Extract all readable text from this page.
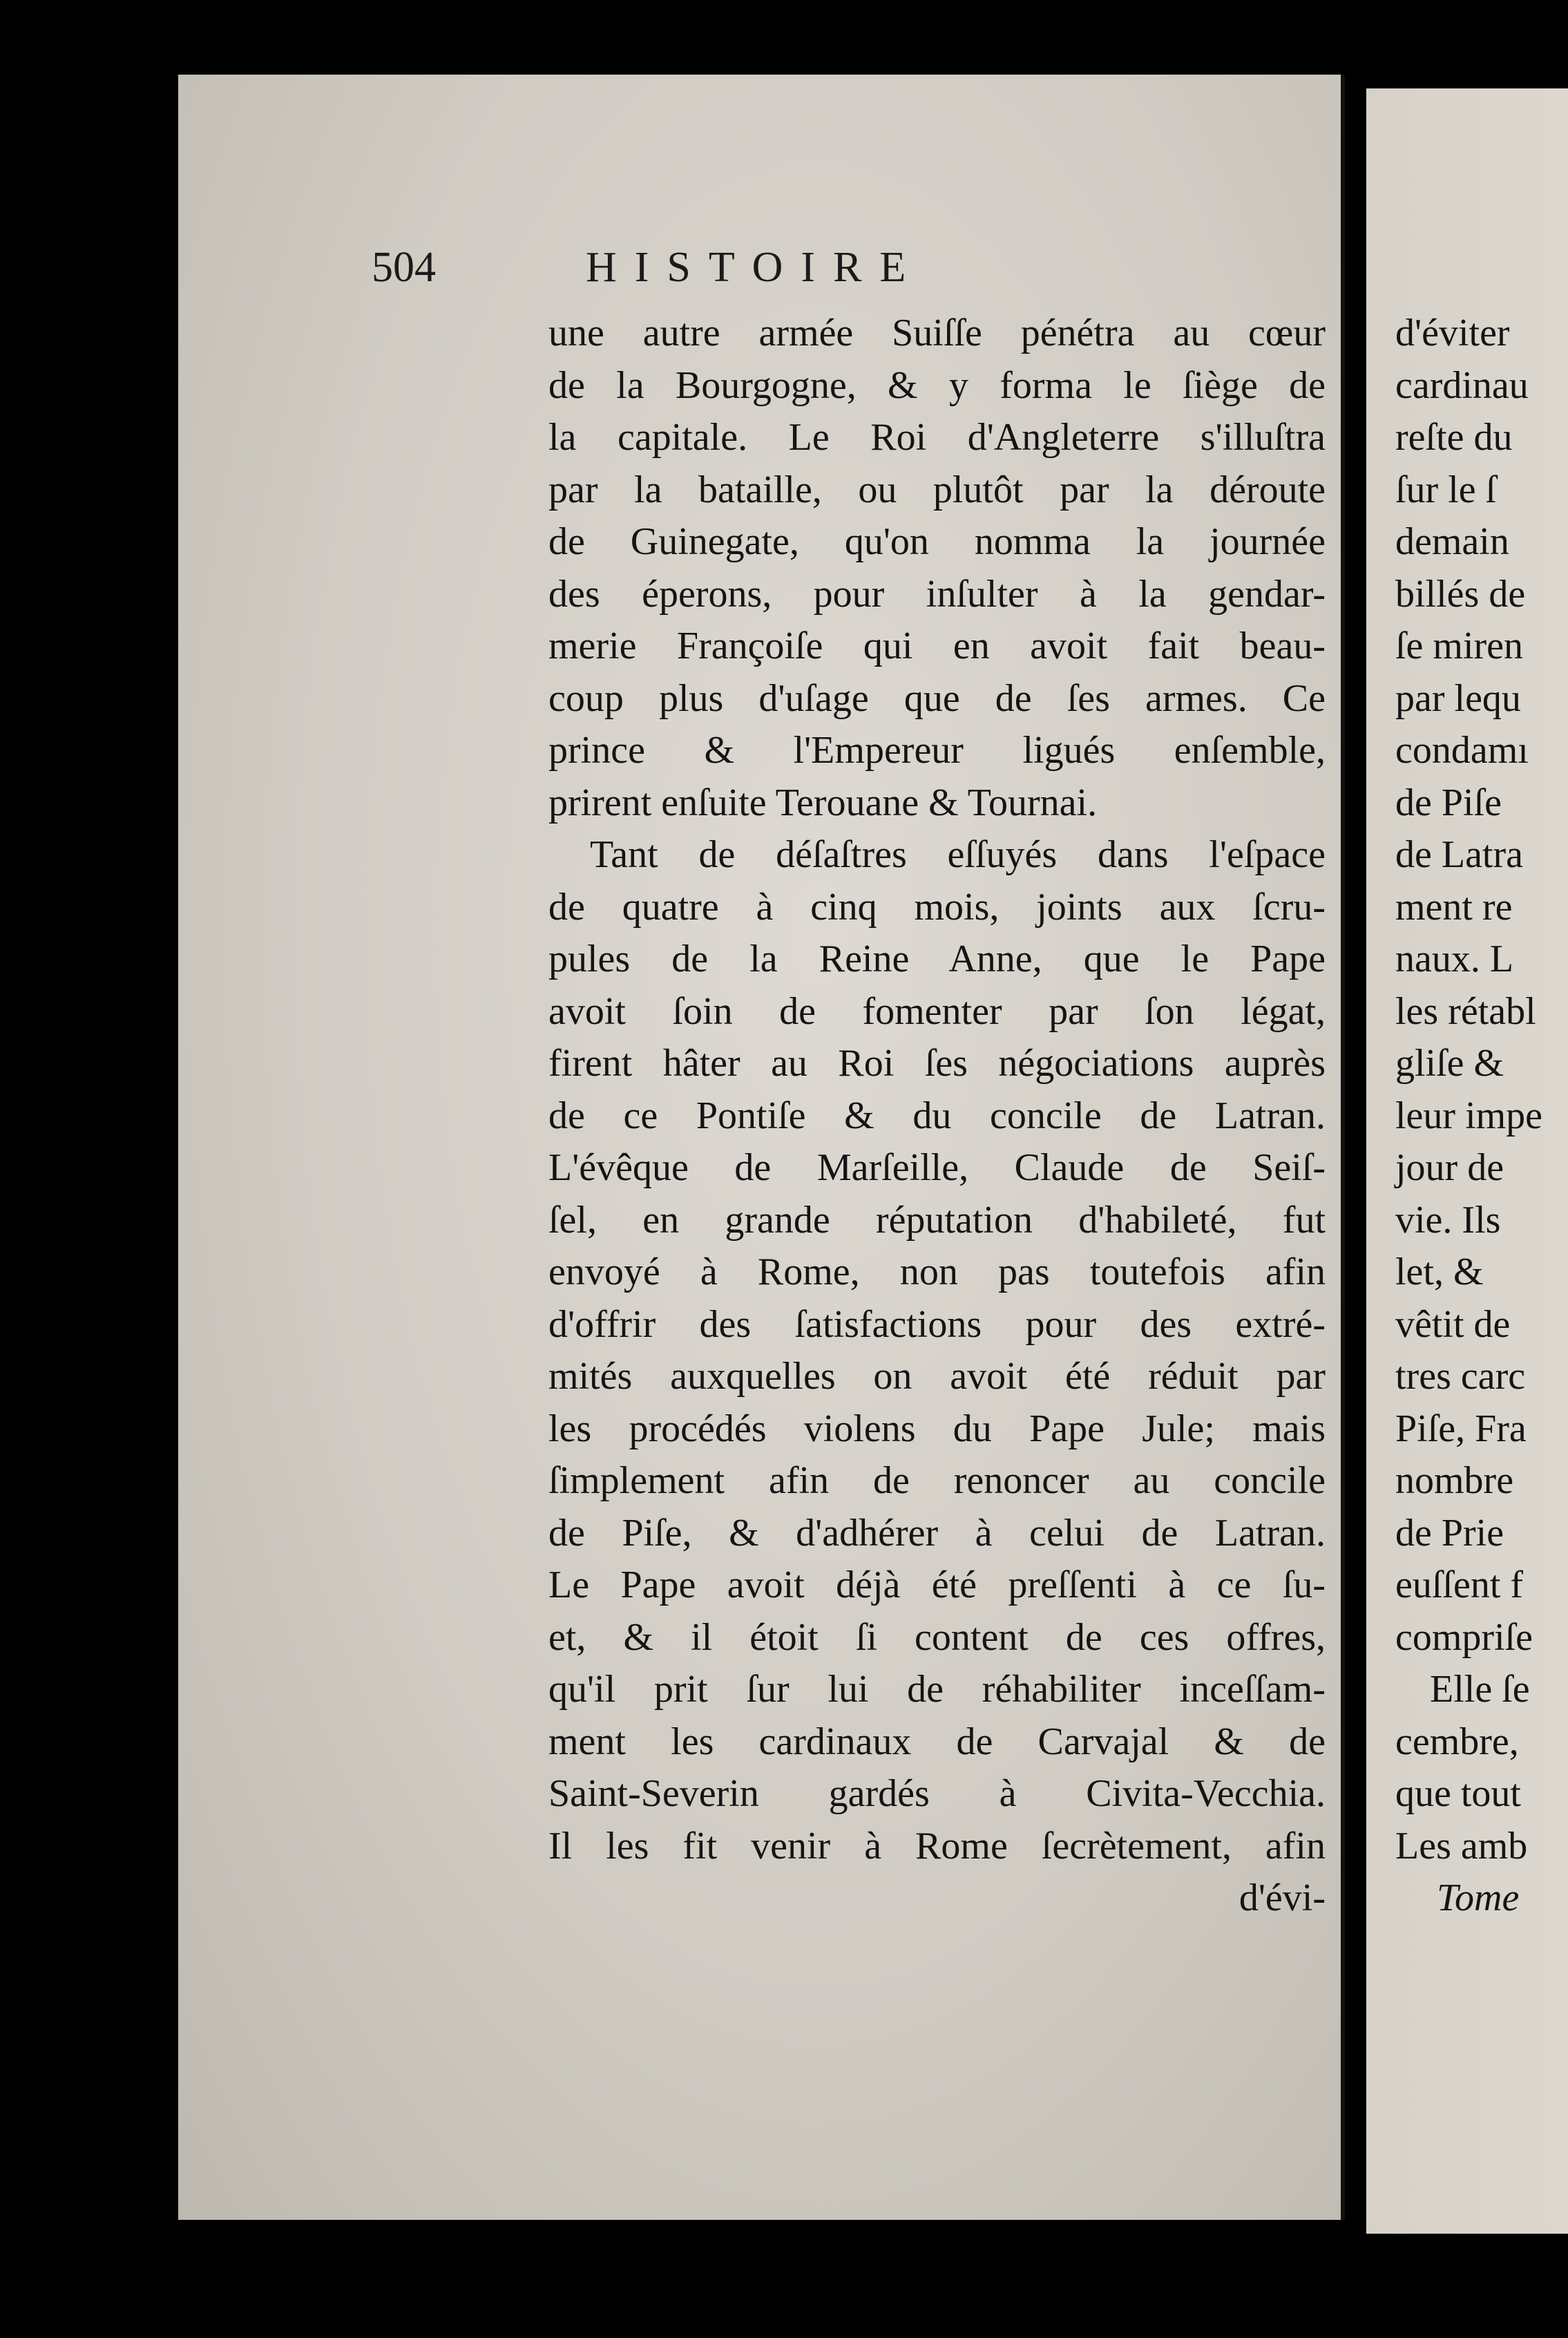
504	HISTOIRE
une autre armée Suiſſe pénétra au cœur
de la Bourgogne, & y forma le ſiège de
la capitale. Le Roi d'Angleterre s'illuſtra
par la bataille, ou plutôt par la déroute
de Guinegate, qu'on nomma la journée
des éperons, pour inſulter à la gendar-
merie Françoiſe qui en avoit fait beau-
coup plus d'uſage que de ſes armes. Ce
prince & l'Empereur ligués enſemble,
prirent enſuite Terouane & Tournai.
Tant de déſaſtres eſſuyés dans l'eſpace
de quatre à cinq mois, joints aux ſcru-
pules de la Reine Anne, que le Pape
avoit ſoin de fomenter par ſon légat,
firent hâter au Roi ſes négociations auprès
de ce Pontiſe & du concile de Latran.
L'évêque de Marſeille, Claude de Seiſ-
ſel, en grande réputation d'habileté, fut
envoyé à Rome, non pas toutefois afin
d'offrir des ſatisfactions pour des extré-
mités auxquelles on avoit été réduit par
les procédés violens du Pape Jule; mais
ſimplement afin de renoncer au concile
de Piſe, & d'adhérer à celui de Latran.
Le Pape avoit déjà été preſſenti à ce ſu-
et, & il étoit ſi content de ces offres,
qu'il prit ſur lui de réhabiliter inceſſam-
ment les cardinaux de Carvajal & de
Saint-Severin gardés à Civita-Vecchia.
Il les fit venir à Rome ſecrètement, afin
d'évi-
d'éviter
cardinau
reſte du
ſur le ſ
demain
billés de
ſe miren
par lequ
condamı
de Piſe
de Latra
ment re
naux. L
les rétabl
gliſe &
leur impe
jour de
vie. Ils
let, &
vêtit de
tres carc
Piſe, Fra
nombre
de Prie
euſſent f
compriſe
Elle ſe
cembre,
que tout
Les amb
Tome
